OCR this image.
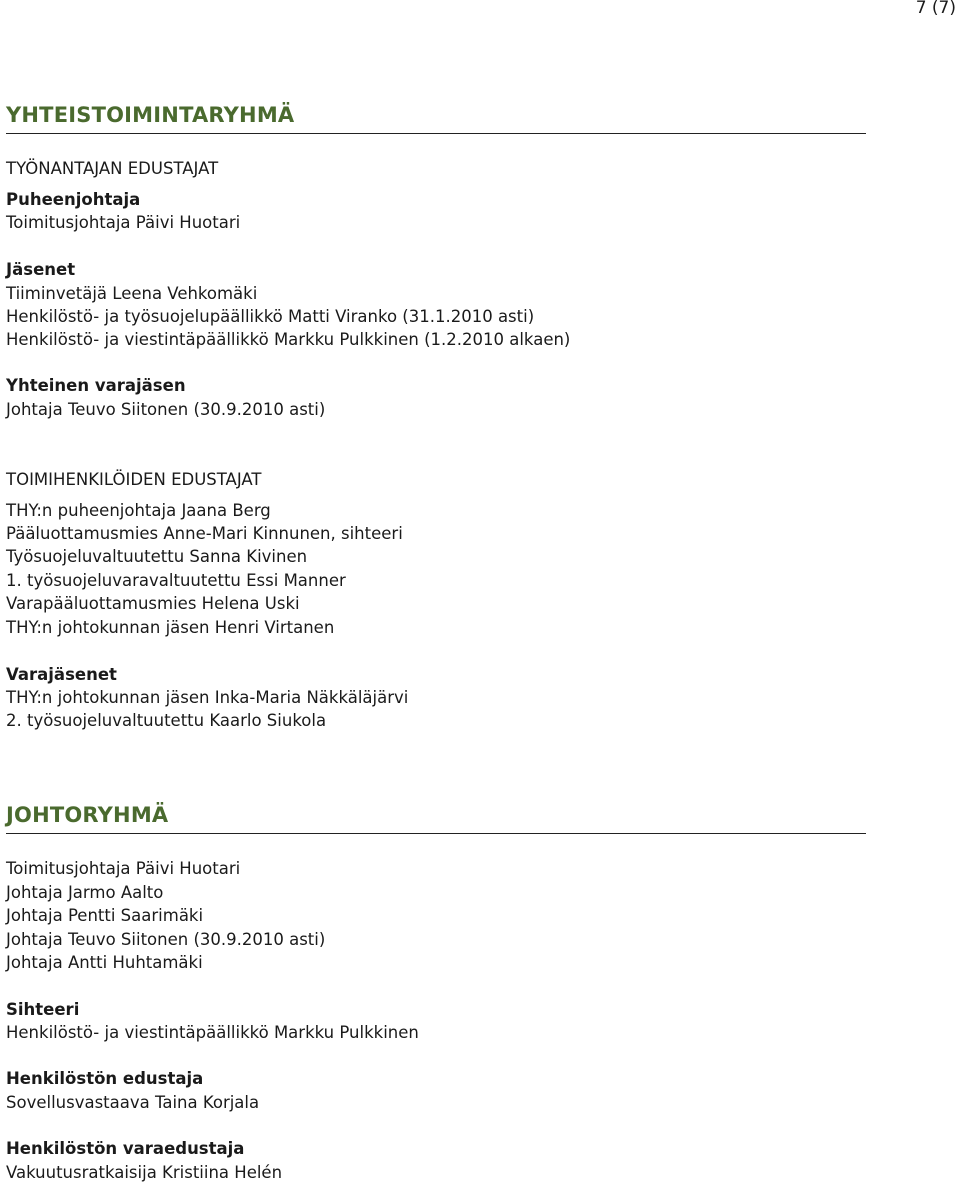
7 (7)
YHTEISTOIMINTARYHMÄ
TYÖNANTAJAN EDUSTAJAT
Puheenjohtaja
Toimitusjohtaja Päivi Huotari
Jäsenet
Tiiminvetäjä Leena Vehkomäki
Henkilöstö- ja työsuojelupäällikkö Matti Viranko (31.1.2010 asti)
Henkilöstö- ja viestintäpäällikkö Markku Pulkkinen (1.2.2010 alkaen)
Yhteinen varajäsen
Johtaja Teuvo Siitonen (30.9.2010 asti)
TOIMIHENKILÖIDEN EDUSTAJAT
THY:n puheenjohtaja Jaana Berg
Pääluottamusmies Anne-Mari Kinnunen, sihteeri
Työsuojeluvaltuutettu Sanna Kivinen
1. työsuojeluvaravaltuutettu Essi Manner
Varapääluottamusmies Helena Uski
THY:n johtokunnan jäsen Henri Virtanen
Varajäsenet
THY:n johtokunnan jäsen Inka-Maria Näkkäläjärvi
2. työsuojeluvaltuutettu Kaarlo Siukola
JOHTORYHMÄ
Toimitusjohtaja Päivi Huotari
Johtaja Jarmo Aalto
Johtaja Pentti Saarimäki
Johtaja Teuvo Siitonen (30.9.2010 asti)
Johtaja Antti Huhtamäki
Sihteeri
Henkilöstö- ja viestintäpäällikkö Markku Pulkkinen
Henkilöstön edustaja
Sovellusvastaava Taina Korjala
Henkilöstön varaedustaja
Vakuutusratkaisija Kristiina Helén
